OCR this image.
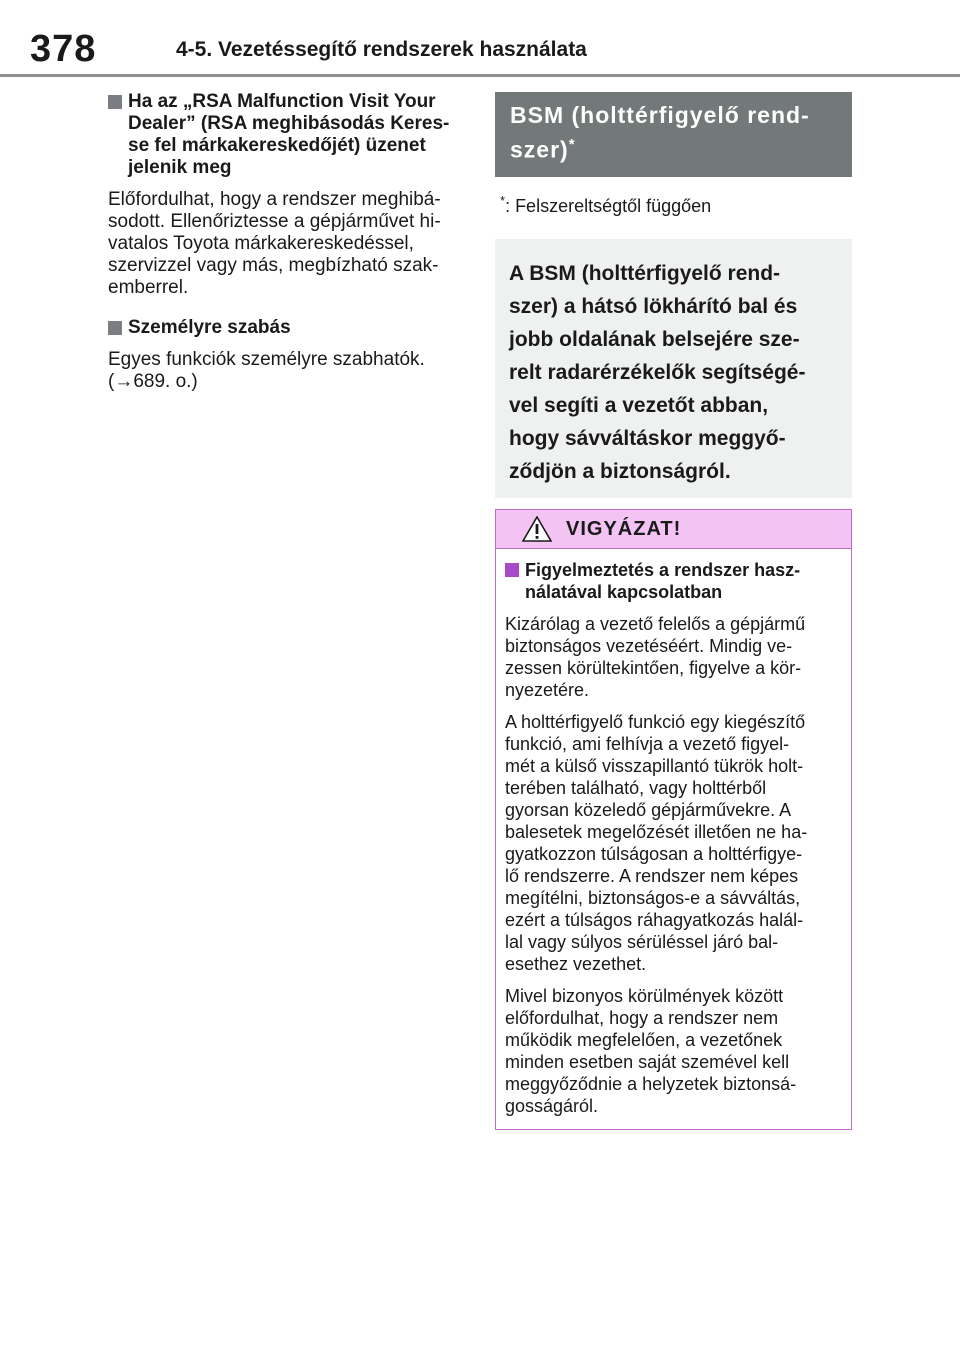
378	4-5. Vezetéssegítő rendszerek használata
Ha az „RSA Malfunction Visit Your
Dealer” (RSA meghibásodás Keres-
se fel márkakereskedőjét) üzenet
jelenik meg
Előfordulhat, hogy a rendszer meghibá-
sodott. Ellenőriztesse a gépjárművet hi-
vatalos Toyota márkakereskedéssel,
szervizzel vagy más, megbízható szak-
emberrel.
Személyre szabás
Egyes funkciók személyre szabhatók.
(→689. o.)
BSM (holttérfigyelő rend-
szer)*
*: Felszereltségtől függően
A BSM (holttérfigyelő rend-
szer) a hátsó lökhárító bal és
jobb oldalának belsejére sze-
relt radarérzékelők segítségé-
vel segíti a vezetőt abban,
hogy sávváltáskor meggyő-
ződjön a biztonságról.
VIGYÁZAT!
Figyelmeztetés a rendszer hasz-
nálatával kapcsolatban
Kizárólag a vezető felelős a gépjármű
biztonságos vezetéséért. Mindig ve-
zessen körültekintően, figyelve a kör-
nyezetére.
A holttérfigyelő funkció egy kiegészítő
funkció, ami felhívja a vezető figyel-
mét a külső visszapillantó tükrök holt-
terében található, vagy holttérből
gyorsan közeledő gépjárművekre. A
balesetek megelőzését illetően ne ha-
gyatkozzon túlságosan a holttérfigye-
lő rendszerre. A rendszer nem képes
megítélni, biztonságos-e a sávváltás,
ezért a túlságos ráhagyatkozás halál-
lal vagy súlyos sérüléssel járó bal-
esethez vezethet.
Mivel bizonyos körülmények között
előfordulhat, hogy a rendszer nem
működik megfelelően, a vezetőnek
minden esetben saját szemével kell
meggyőződnie a helyzetek biztonsá-
gosságáról.
